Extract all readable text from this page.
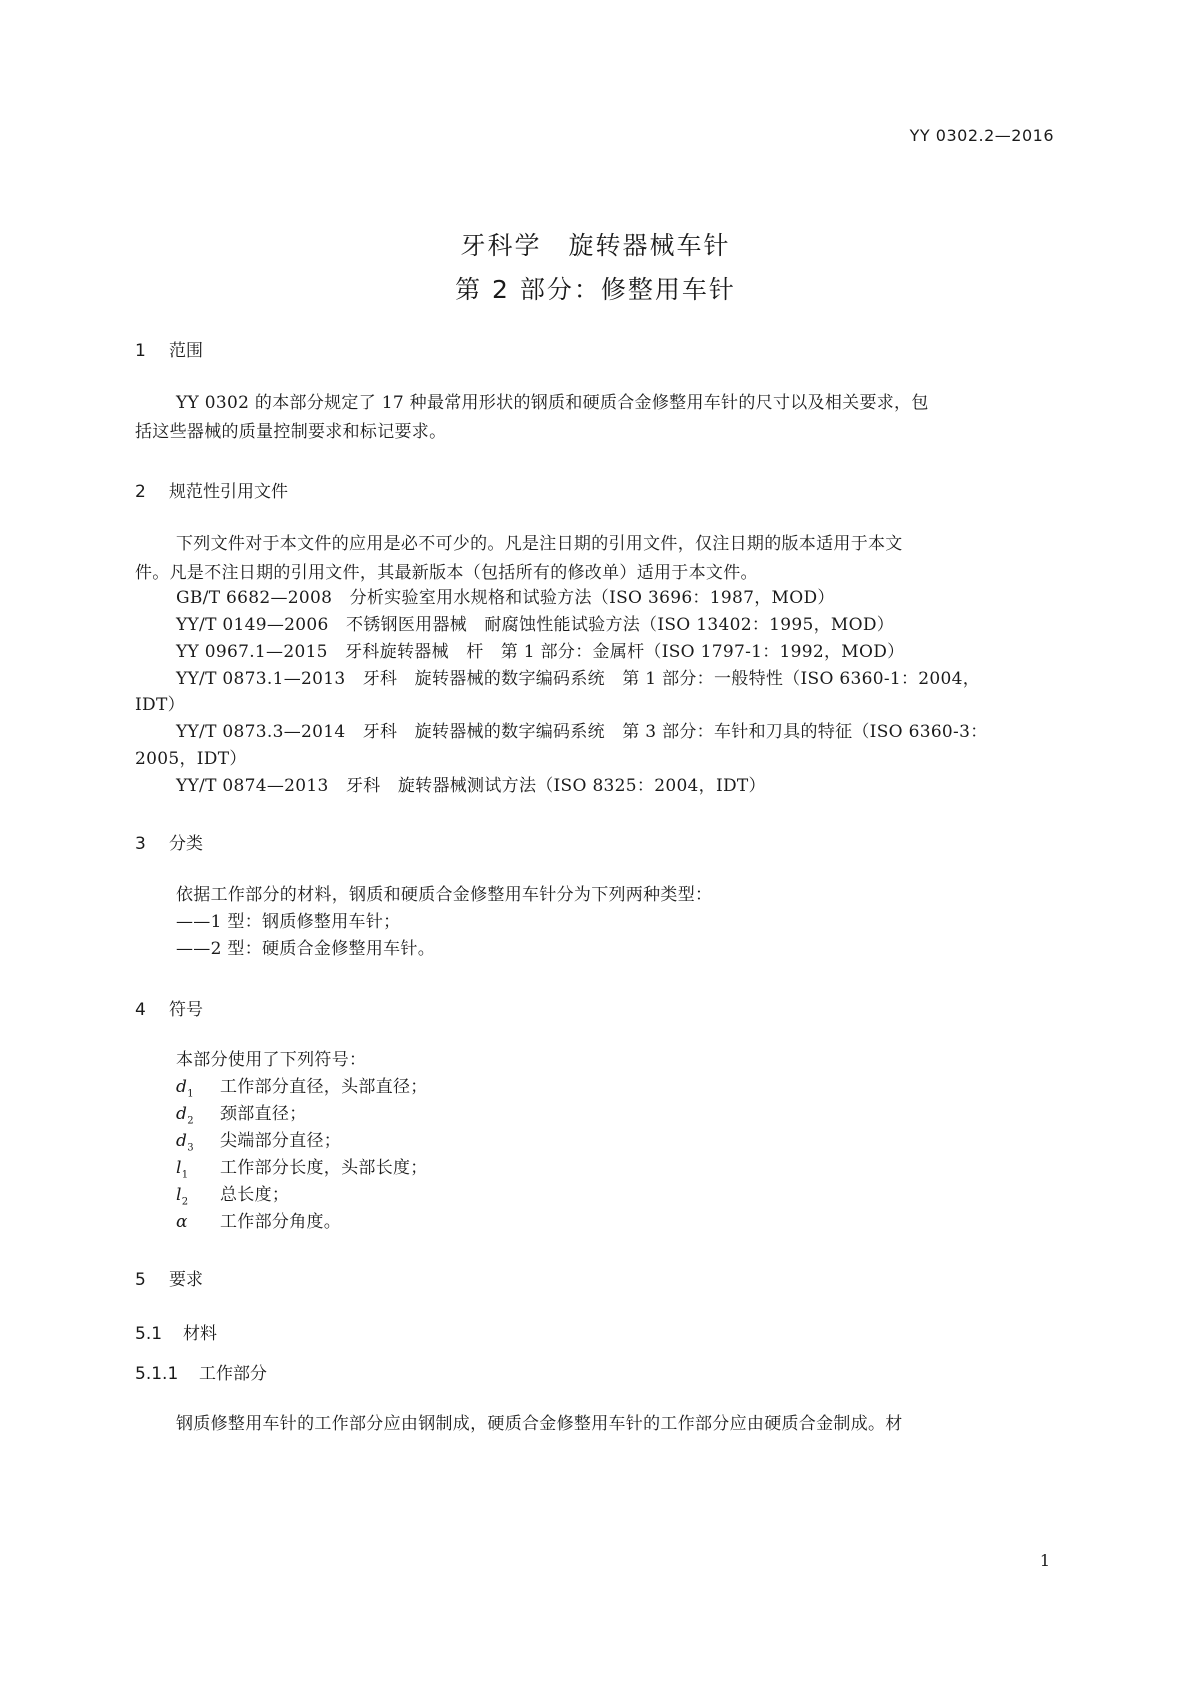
YY 0302.2—2016
牙科学　旋转器械车针
第 2 部分：修整用车针
1 范围
YY 0302 的本部分规定了 17 种最常用形状的钢质和硬质合金修整用车针的尺寸以及相关要求，包
括这些器械的质量控制要求和标记要求。
2 规范性引用文件
下列文件对于本文件的应用是必不可少的。凡是注日期的引用文件，仅注日期的版本适用于本文
件。凡是不注日期的引用文件，其最新版本（包括所有的修改单）适用于本文件。
GB/T 6682—2008　分析实验室用水规格和试验方法（ISO 3696：1987，MOD）
YY/T 0149—2006　不锈钢医用器械　耐腐蚀性能试验方法（ISO 13402：1995，MOD）
YY 0967.1—2015　牙科旋转器械　杆　第 1 部分：金属杆（ISO 1797-1：1992，MOD）
YY/T 0873.1—2013　牙科　旋转器械的数字编码系统　第 1 部分：一般特性（ISO 6360-1：2004，
IDT）
YY/T 0873.3—2014　牙科　旋转器械的数字编码系统　第 3 部分：车针和刀具的特征（ISO 6360-3：
2005，IDT）
YY/T 0874—2013　牙科　旋转器械测试方法（ISO 8325：2004，IDT）
3 分类
依据工作部分的材料，钢质和硬质合金修整用车针分为下列两种类型：
——1 型：钢质修整用车针；
——2 型：硬质合金修整用车针。
4 符号
本部分使用了下列符号：
$d_1$ 工作部分直径，头部直径；
$d_2$ 颈部直径；
$d_3$ 尖端部分直径；
$l_1$ 工作部分长度，头部长度；
$l_2$ 总长度；
α 工作部分角度。
5 要求
5.1 材料
5.1.1 工作部分
钢质修整用车针的工作部分应由钢制成，硬质合金修整用车针的工作部分应由硬质合金制成。材
1
